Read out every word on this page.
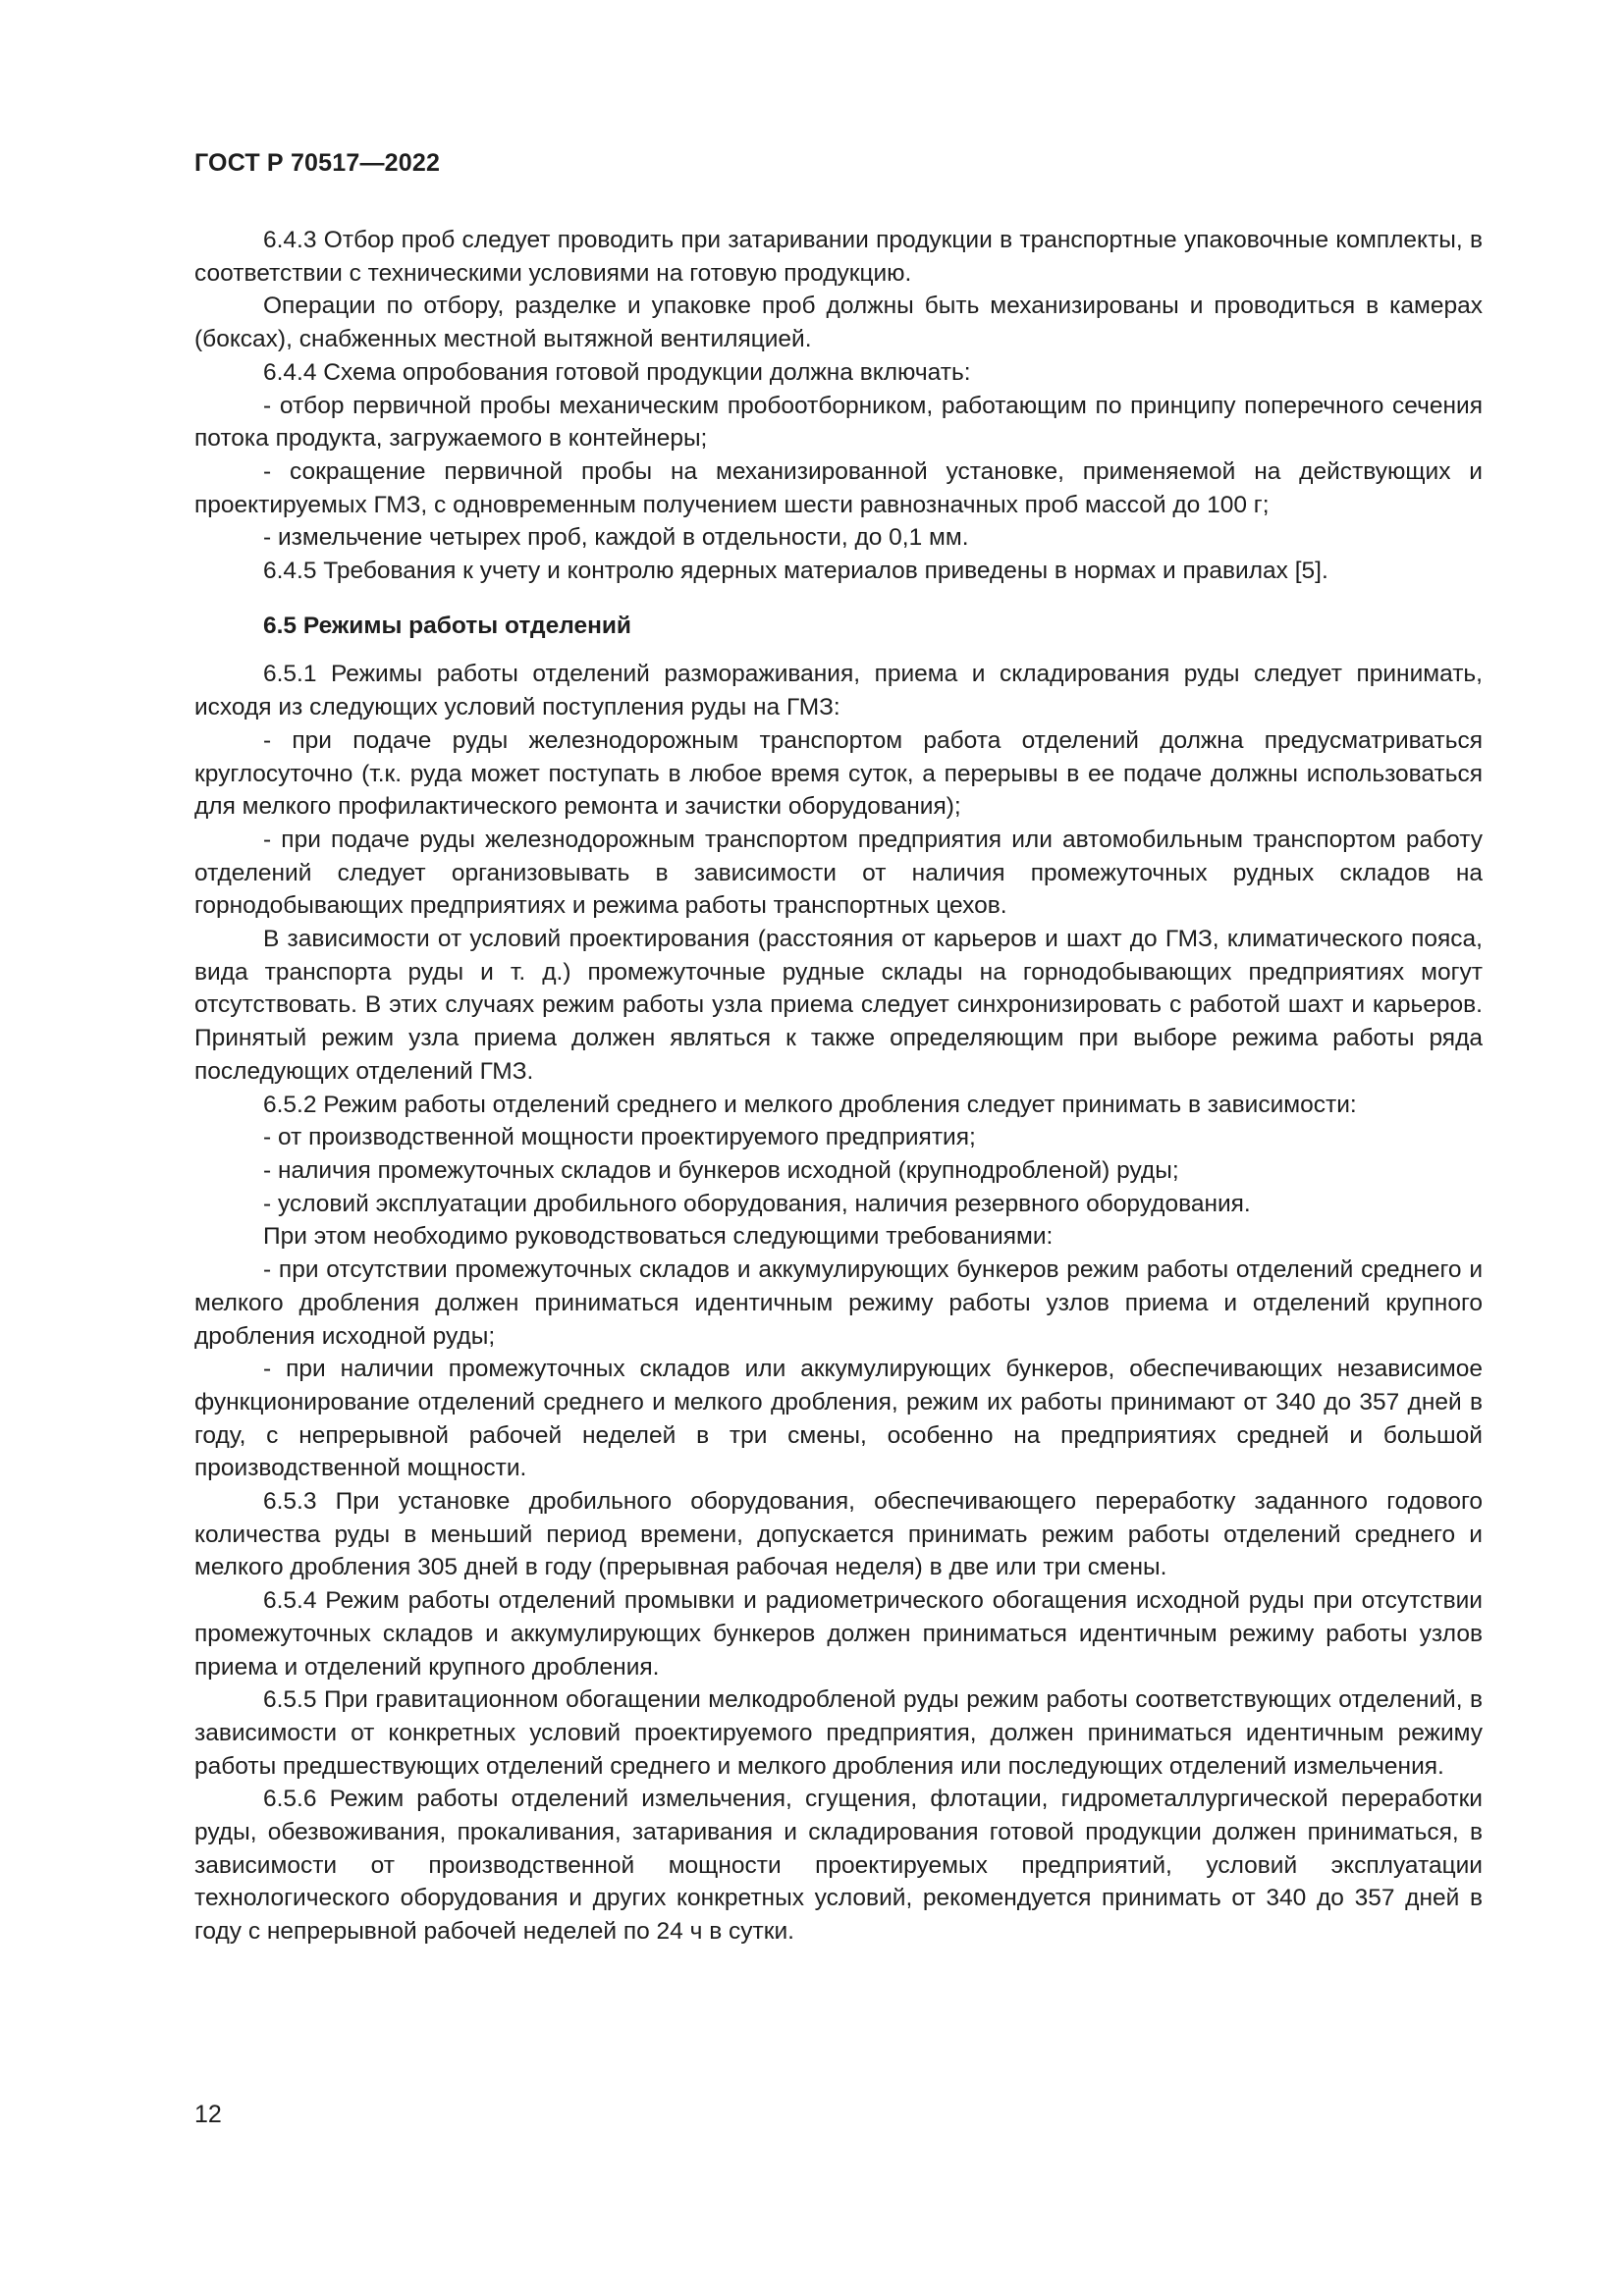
ГОСТ Р 70517—2022

6.4.3 Отбор проб следует проводить при затаривании продукции в транспортные упаковочные комплекты, в соответствии с техническими условиями на готовую продукцию.

Операции по отбору, разделке и упаковке проб должны быть механизированы и проводиться в камерах (боксах), снабженных местной вытяжной вентиляцией.

6.4.4 Схема опробования готовой продукции должна включать:

- отбор первичной пробы механическим пробоотборником, работающим по принципу поперечного сечения потока продукта, загружаемого в контейнеры;

- сокращение первичной пробы на механизированной установке, применяемой на действующих и проектируемых ГМЗ, с одновременным получением шести равнозначных проб массой до 100 г;

- измельчение четырех проб, каждой в отдельности, до 0,1 мм.

6.4.5 Требования к учету и контролю ядерных материалов приведены в нормах и правилах [5].

6.5 Режимы работы отделений

6.5.1 Режимы работы отделений размораживания, приема и складирования руды следует принимать, исходя из следующих условий поступления руды на ГМЗ:

- при подаче руды железнодорожным транспортом работа отделений должна предусматриваться круглосуточно (т.к. руда может поступать в любое время суток, а перерывы в ее подаче должны использоваться для мелкого профилактического ремонта и зачистки оборудования);

- при подаче руды железнодорожным транспортом предприятия или автомобильным транспортом работу отделений следует организовывать в зависимости от наличия промежуточных рудных складов на горнодобывающих предприятиях и режима работы транспортных цехов.

В зависимости от условий проектирования (расстояния от карьеров и шахт до ГМЗ, климатического пояса, вида транспорта руды и т. д.) промежуточные рудные склады на горнодобывающих предприятиях могут отсутствовать. В этих случаях режим работы узла приема следует синхронизировать с работой шахт и карьеров. Принятый режим узла приема должен являться к также определяющим при выборе режима работы ряда последующих отделений ГМЗ.

6.5.2 Режим работы отделений среднего и мелкого дробления следует принимать в зависимости:

- от производственной мощности проектируемого предприятия;

- наличия промежуточных складов и бункеров исходной (крупнодробленой) руды;

- условий эксплуатации дробильного оборудования, наличия резервного оборудования.

При этом необходимо руководствоваться следующими требованиями:

- при отсутствии промежуточных складов и аккумулирующих бункеров режим работы отделений среднего и мелкого дробления должен приниматься идентичным режиму работы узлов приема и отделений крупного дробления исходной руды;

- при наличии промежуточных складов или аккумулирующих бункеров, обеспечивающих независимое функционирование отделений среднего и мелкого дробления, режим их работы принимают от 340 до 357 дней в году, с непрерывной рабочей неделей в три смены, особенно на предприятиях средней и большой производственной мощности.

6.5.3 При установке дробильного оборудования, обеспечивающего переработку заданного годового количества руды в меньший период времени, допускается принимать режим работы отделений среднего и мелкого дробления 305 дней в году (прерывная рабочая неделя) в две или три смены.

6.5.4 Режим работы отделений промывки и радиометрического обогащения исходной руды при отсутствии промежуточных складов и аккумулирующих бункеров должен приниматься идентичным режиму работы узлов приема и отделений крупного дробления.

6.5.5 При гравитационном обогащении мелкодробленой руды режим работы соответствующих отделений, в зависимости от конкретных условий проектируемого предприятия, должен приниматься идентичным режиму работы предшествующих отделений среднего и мелкого дробления или последующих отделений измельчения.

6.5.6 Режим работы отделений измельчения, сгущения, флотации, гидрометаллургической переработки руды, обезвоживания, прокаливания, затаривания и складирования готовой продукции должен приниматься, в зависимости от производственной мощности проектируемых предприятий, условий эксплуатации технологического оборудования и других конкретных условий, рекомендуется принимать от 340 до 357 дней в году с непрерывной рабочей неделей по 24 ч в сутки.

12
